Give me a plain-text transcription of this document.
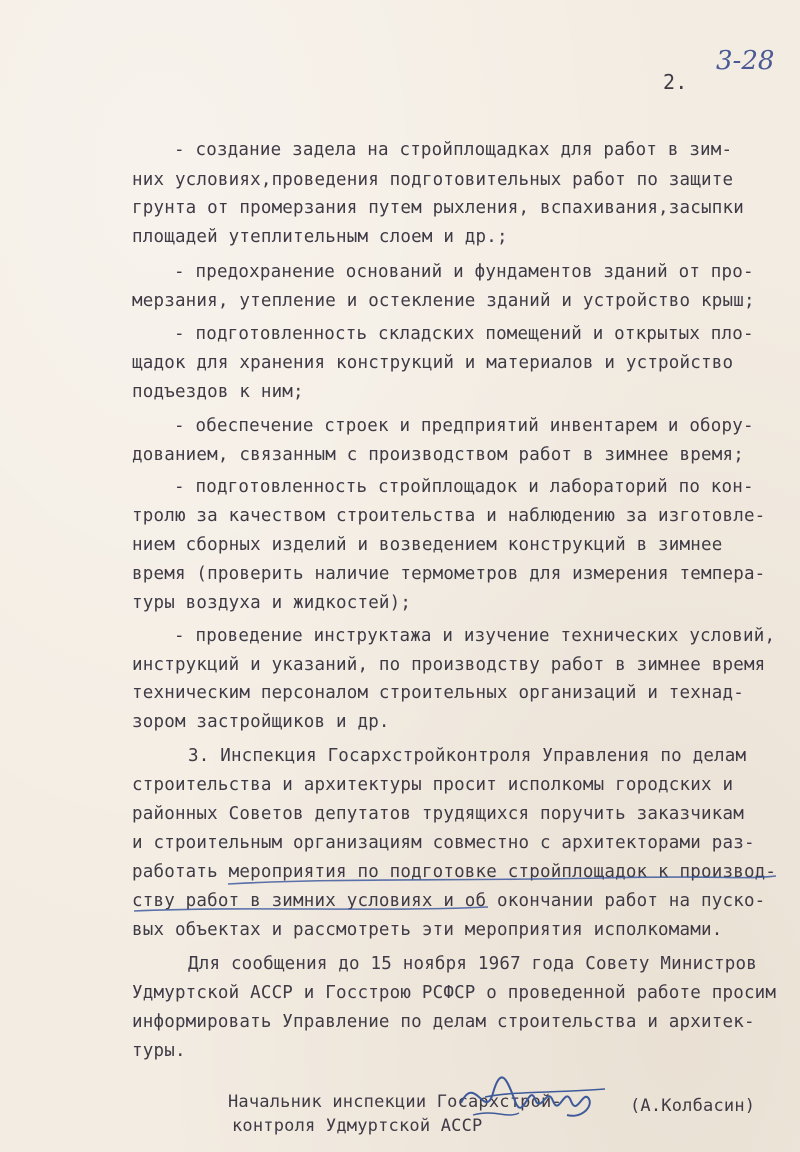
3-28
2.
- создание задела на стройплощадках для работ в зим-
них условиях,проведения подготовительных работ по защите
грунта от промерзания путем рыхления, вспахивания,засыпки
площадей утеплительным слоем и др.;
- предохранение оснований и фундаментов зданий от про-
мерзания, утепление и остекление зданий и устройство крыш;
- подготовленность складских помещений и открытых пло-
щадок для хранения конструкций и материалов и устройство
подъездов к ним;
- обеспечение строек и предприятий инвентарем и обору-
дованием, связанным с производством работ в зимнее время;
- подготовленность стройплощадок и лабораторий по кон-
тролю за качеством строительства и наблюдению за изготовле-
нием сборных изделий и возведением конструкций в зимнее
время (проверить наличие термометров для измерения темпера-
туры воздуха и жидкостей);
- проведение инструктажа и изучение технических условий,
инструкций и указаний, по производству работ в зимнее время
техническим персоналом строительных организаций и технад-
зором застройщиков и др.
3. Инспекция Госархстройконтроля Управления по делам
строительства и архитектуры просит исполкомы городских и
районных Советов депутатов трудящихся поручить заказчикам
и строительным организациям совместно с архитекторами раз-
работать мероприятия по подготовке стройплощадок к производ-
ству работ в зимних условиях и об окончании работ на пуско-
вых объектах и рассмотреть эти мероприятия исполкомами.
Для сообщения до 15 ноября 1967 года Совету Министров
Удмуртской АССР и Госстрою РСФСР о проведенной работе просим
информировать Управление по делам строительства и архитек-
туры.
Начальник инспекции Госархстрой-
контроля Удмуртской АССР
(А.Колбасин)
